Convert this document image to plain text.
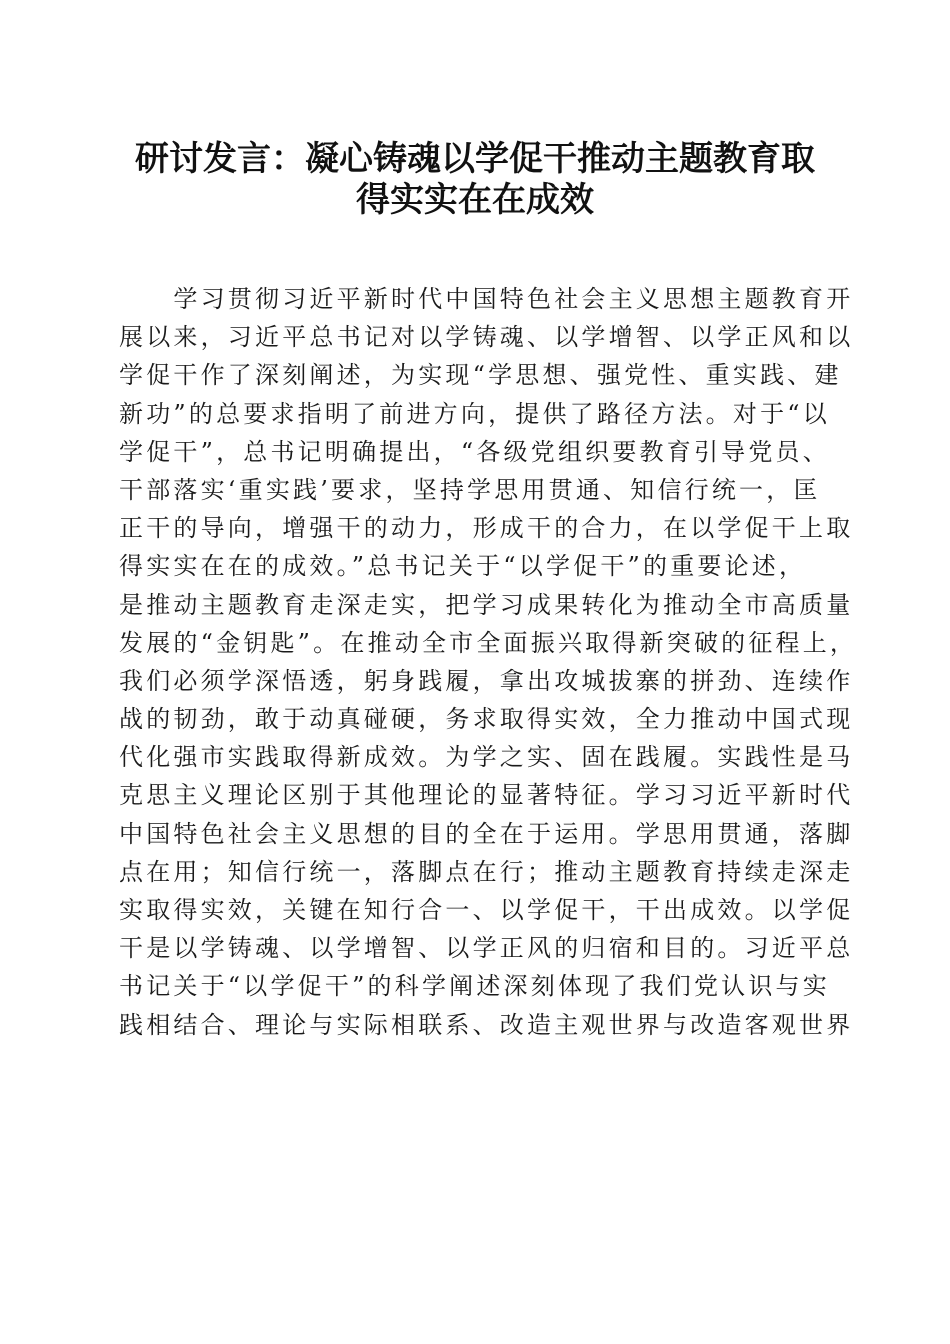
研讨发言：凝心铸魂以学促干推动主题教育取
得实实在在成效
　　学习贯彻习近平新时代中国特色社会主义思想主题教育开
展以来，习近平总书记对以学铸魂、以学增智、以学正风和以
学促干作了深刻阐述，为实现“学思想、强党性、重实践、建
新功”的总要求指明了前进方向，提供了路径方法。对于“以
学促干”，总书记明确提出，“各级党组织要教育引导党员、
干部落实‘重实践’要求，坚持学思用贯通、知信行统一，匡
正干的导向，增强干的动力，形成干的合力，在以学促干上取
得实实在在的成效。”总书记关于“以学促干”的重要论述，
是推动主题教育走深走实，把学习成果转化为推动全市高质量
发展的“金钥匙”。在推动全市全面振兴取得新突破的征程上，
我们必须学深悟透，躬身践履，拿出攻城拔寨的拼劲、连续作
战的韧劲，敢于动真碰硬，务求取得实效，全力推动中国式现
代化强市实践取得新成效。为学之实、固在践履。实践性是马
克思主义理论区别于其他理论的显著特征。学习习近平新时代
中国特色社会主义思想的目的全在于运用。学思用贯通，落脚
点在用；知信行统一，落脚点在行；推动主题教育持续走深走
实取得实效，关键在知行合一、以学促干，干出成效。以学促
干是以学铸魂、以学增智、以学正风的归宿和目的。习近平总
书记关于“以学促干”的科学阐述深刻体现了我们党认识与实
践相结合、理论与实际相联系、改造主观世界与改造客观世界
